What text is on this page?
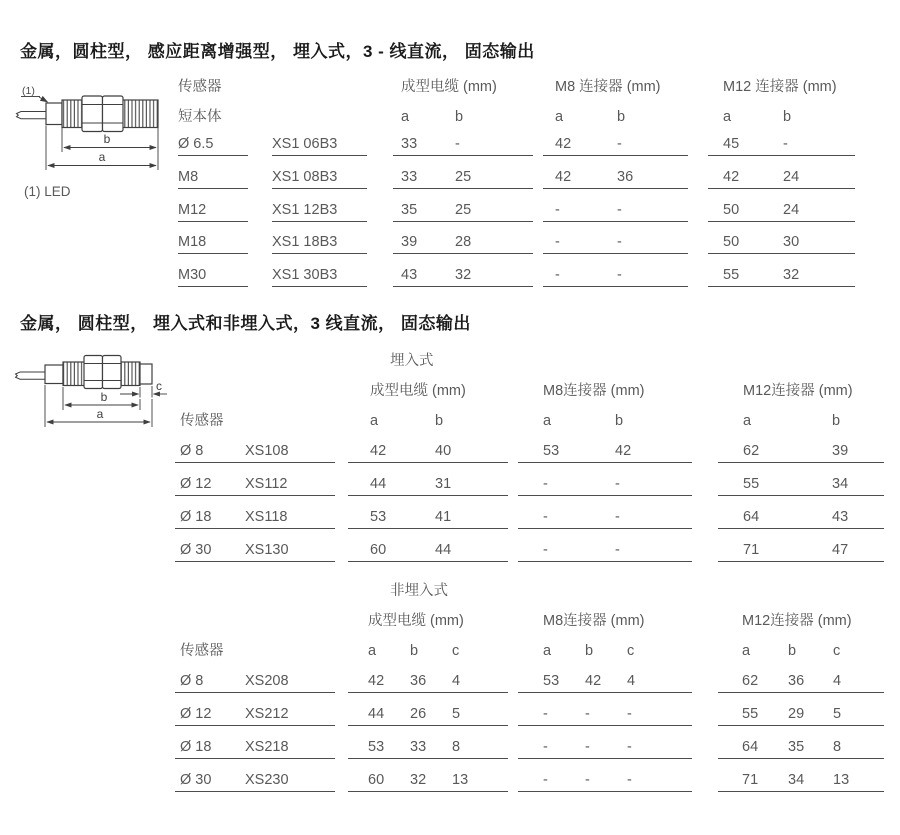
金属，圆柱型， 感应距离增强型， 埋入式，3 - 线直流， 固态输出
(1)
b
a
(1) LED
传感器	成型电缆 (mm)	M8 连接器 (mm)	M12 连接器 (mm)
短本体	a	b	a	b	a	b
Ø 6.5	XS1 06B3	33	-	42	-	45	-
M8	XS1 08B3	33	25	42	36	42	24
M12	XS1 12B3	35	25	-	-	50	24
M18	XS1 18B3	39	28	-	-	50	30
M30	XS1 30B3	43	32	-	-	55	32
金属， 圆柱型， 埋入式和非埋入式，3 线直流， 固态输出
c
b
a
埋入式
成型电缆 (mm)	M8连接器 (mm)	M12连接器 (mm)
传感器	a	b	a	b	a	b
Ø 8	XS108	42	40	53	42	62	39
Ø 12	XS112	44	31	-	-	55	34
Ø 18	XS118	53	41	-	-	64	43
Ø 30	XS130	60	44	-	-	71	47
非埋入式
成型电缆 (mm)	M8连接器 (mm)	M12连接器 (mm)
传感器	a	b	c	a	b	c	a	b	c
Ø 8	XS208	42	36	4	53	42	4	62	36	4
Ø 12	XS212	44	26	5	-	-	-	55	29	5
Ø 18	XS218	53	33	8	-	-	-	64	35	8
Ø 30	XS230	60	32	13	-	-	-	71	34	13
